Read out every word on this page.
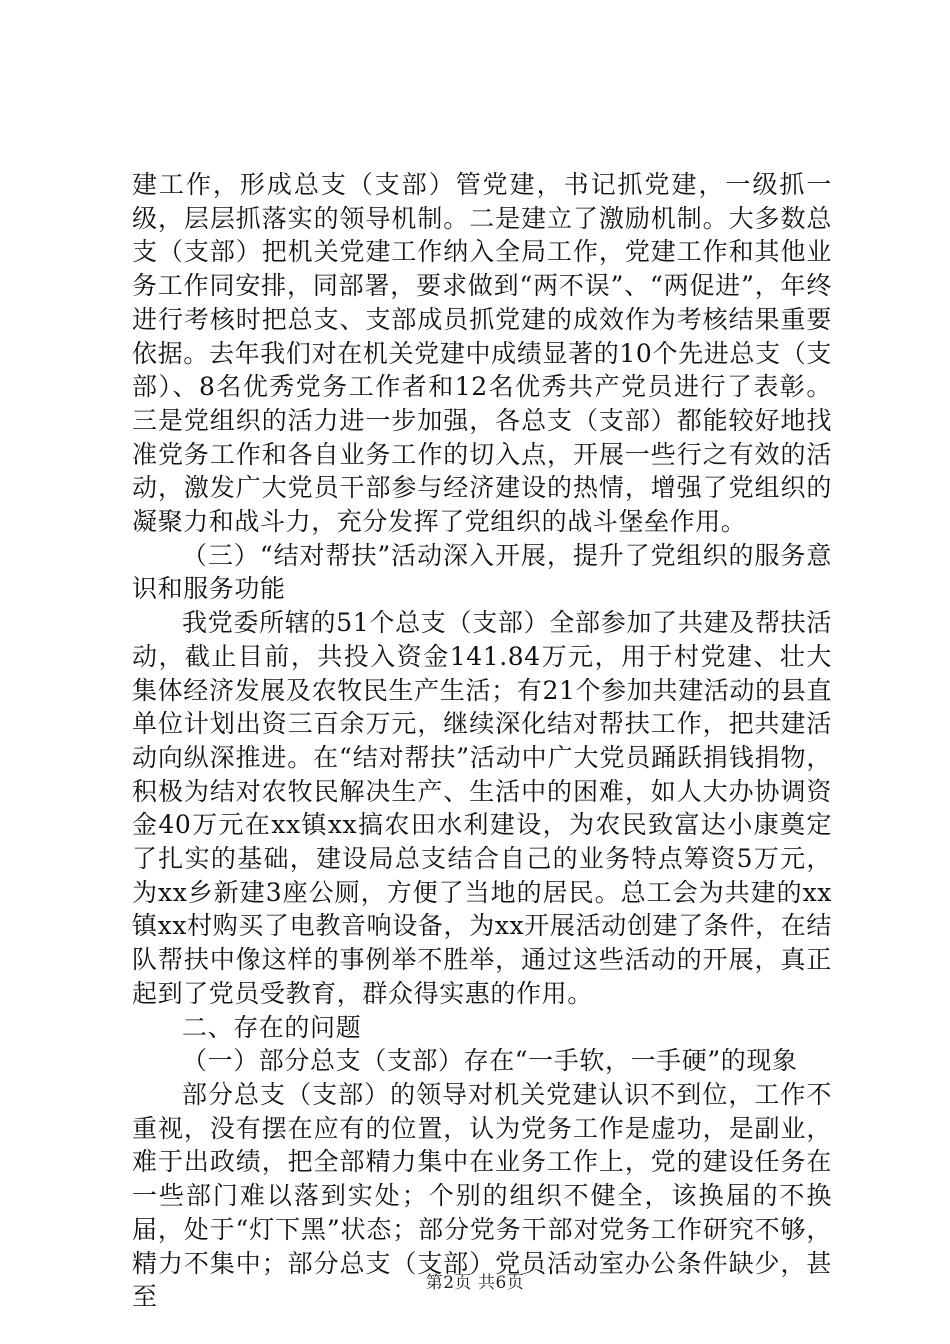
建工作，形成总支（支部）管党建，书记抓党建，一级抓一级，层层抓落实的领导机制。二是建立了激励机制。大多数总支（支部）把机关党建工作纳入全局工作，党建工作和其他业务工作同安排，同部署，要求做到“两不误”、“两促进”，年终进行考核时把总支、支部成员抓党建的成效作为考核结果重要依据。去年我们对在机关党建中成绩显著的10个先进总支（支部）、8名优秀党务工作者和12名优秀共产党员进行了表彰。三是党组织的活力进一步加强，各总支（支部）都能较好地找准党务工作和各自业务工作的切入点，开展一些行之有效的活动，激发广大党员干部参与经济建设的热情，增强了党组织的凝聚力和战斗力，充分发挥了党组织的战斗堡垒作用。

（三）“结对帮扶”活动深入开展，提升了党组织的服务意识和服务功能

我党委所辖的51个总支（支部）全部参加了共建及帮扶活动，截止目前，共投入资金141.84万元，用于村党建、壮大集体经济发展及农牧民生产生活；有21个参加共建活动的县直单位计划出资三百余万元，继续深化结对帮扶工作，把共建活动向纵深推进。在“结对帮扶”活动中广大党员踊跃捐钱捐物，积极为结对农牧民解决生产、生活中的困难，如人大办协调资金40万元在xx镇xx搞农田水利建设，为农民致富达小康奠定了扎实的基础，建设局总支结合自己的业务特点筹资5万元，为xx乡新建3座公厕，方便了当地的居民。总工会为共建的xx镇xx村购买了电教音响设备，为xx开展活动创建了条件，在结队帮扶中像这样的事例举不胜举，通过这些活动的开展，真正起到了党员受教育，群众得实惠的作用。

二、存在的问题

（一）部分总支（支部）存在“一手软，一手硬”的现象

部分总支（支部）的领导对机关党建认识不到位，工作不重视，没有摆在应有的位置，认为党务工作是虚功，是副业，难于出政绩，把全部精力集中在业务工作上，党的建设任务在一些部门难以落到实处；个别的组织不健全，该换届的不换届，处于“灯下黑”状态；部分党务干部对党务工作研究不够，精力不集中；部分总支（支部）党员活动室办公条件缺少，甚至	第2页 共6页
